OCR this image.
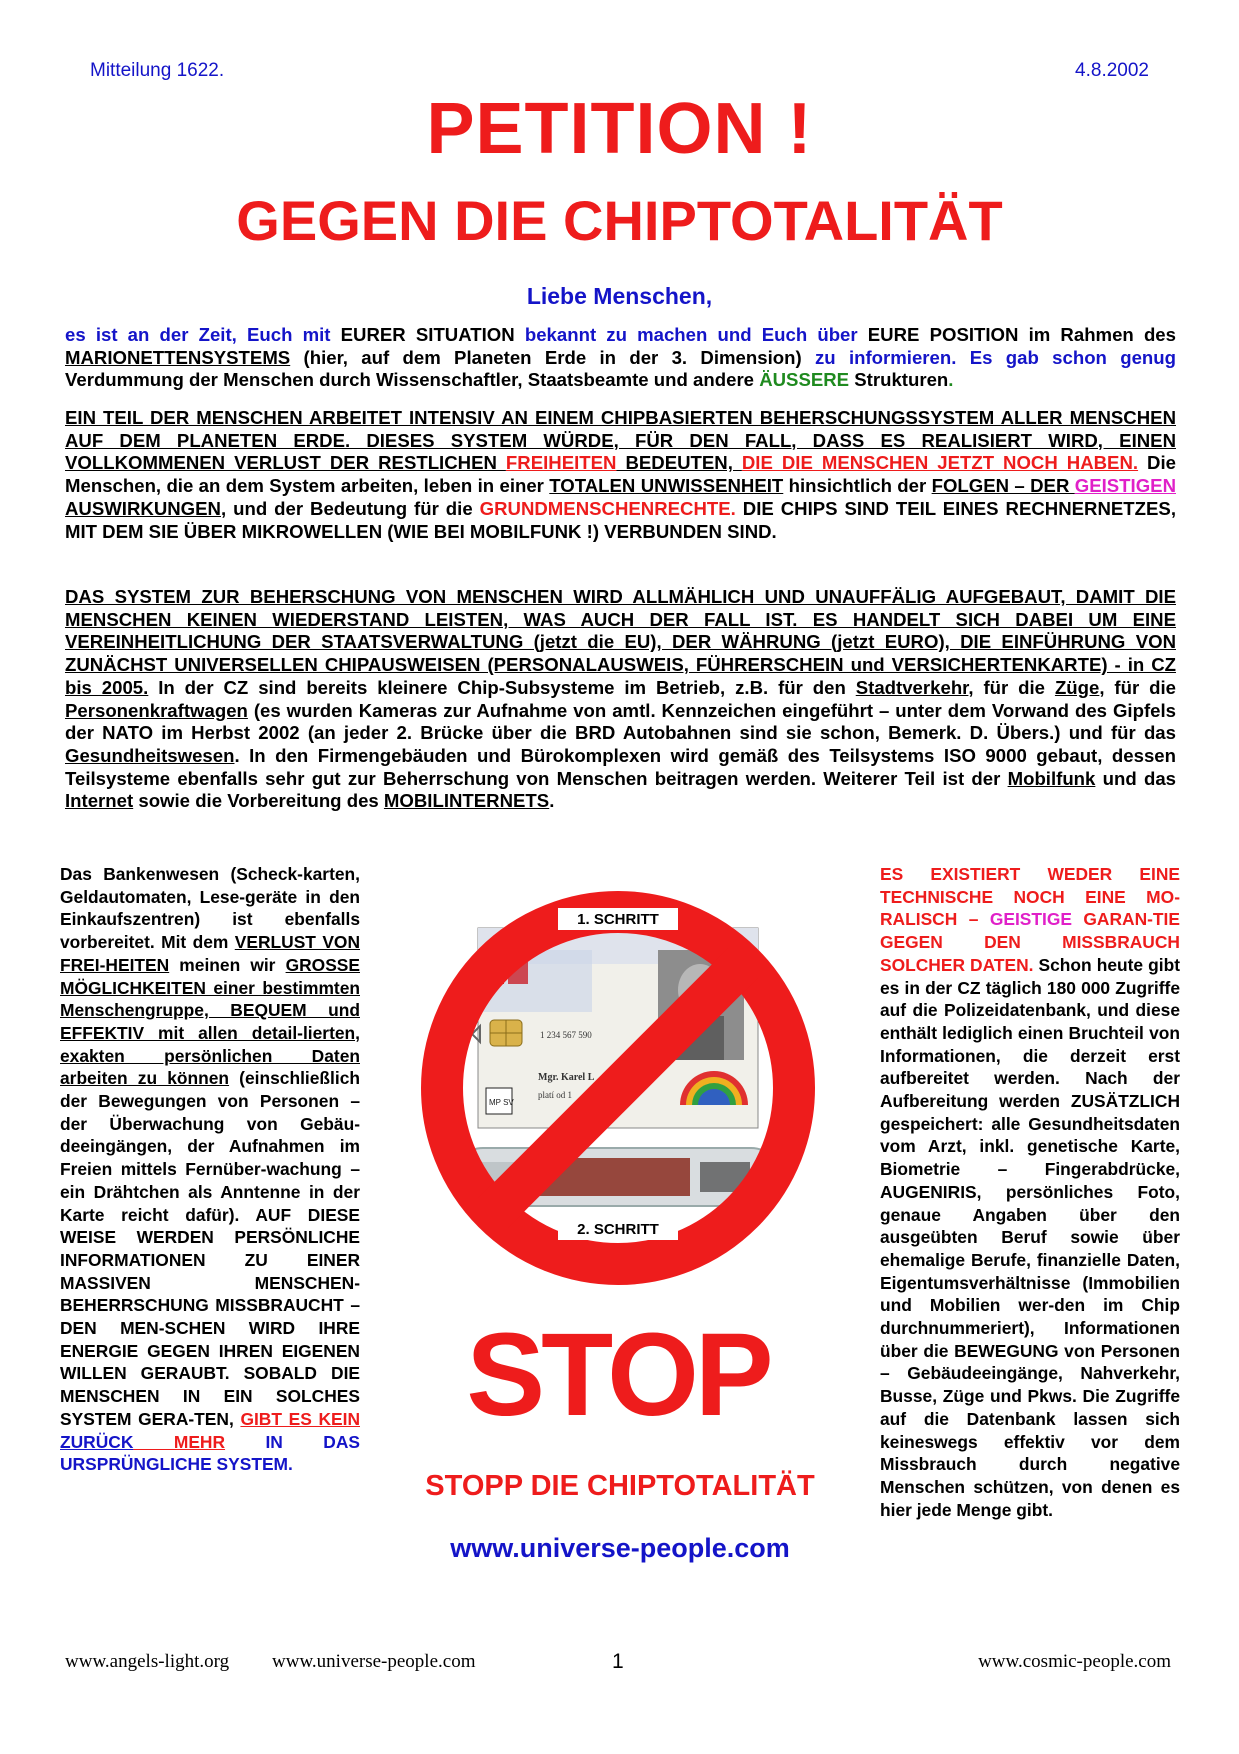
Mitteilung 1622.	4.8.2002
PETITION !
GEGEN DIE CHIPTOTALITÄT
Liebe Menschen,
es ist an der Zeit, Euch mit EURER SITUATION bekannt zu machen und Euch über EURE POSITION im Rahmen des MARIONETTENSYSTEMS (hier, auf dem Planeten Erde in der 3. Dimension) zu informieren. Es gab schon genug Verdummung der Menschen durch Wissenschaftler, Staatsbeamte und andere ÄUSSERE Strukturen.
EIN TEIL DER MENSCHEN ARBEITET INTENSIV AN EINEM CHIPBASIERTEN BEHERSCHUNGSSYSTEM ALLER MENSCHEN AUF DEM PLANETEN ERDE. DIESES SYSTEM WÜRDE, FÜR DEN FALL, DASS ES REALISIERT WIRD, EINEN VOLLKOMMENEN VERLUST DER RESTLICHEN FREIHEITEN BEDEUTEN, DIE DIE MENSCHEN JETZT NOCH HABEN. Die Menschen, die an dem System arbeiten, leben in einer TOTALEN UNWISSENHEIT hinsichtlich der FOLGEN – DER GEISTIGEN AUSWIRKUNGEN, und der Bedeutung für die GRUNDMENSCHENRECHTE. DIE CHIPS SIND TEIL EINES RECHNERNETZES, MIT DEM SIE ÜBER MIKROWELLEN (WIE BEI MOBILFUNK !) VERBUNDEN SIND.
DAS SYSTEM ZUR BEHERSCHUNG VON MENSCHEN WIRD ALLMÄHLICH UND UNAUFFÄLIG AUFGEBAUT, DAMIT DIE MENSCHEN KEINEN WIEDERSTAND LEISTEN, WAS AUCH DER FALL IST. ES HANDELT SICH DABEI UM EINE VEREINHEITLICHUNG DER STAATSVERWALTUNG (jetzt die EU), DER WÄHRUNG (jetzt EURO), DIE EINFÜHRUNG VON ZUNÄCHST UNIVERSELLEN CHIPAUSWEISEN (PERSONALAUSWEIS, FÜHRERSCHEIN und VERSICHERTENKARTE) - in CZ bis 2005. In der CZ sind bereits kleinere Chip-Subsysteme im Betrieb, z.B. für den Stadtverkehr, für die Züge, für die Personenkraftwagen (es wurden Kameras zur Aufnahme von amtl. Kennzeichen eingeführt – unter dem Vorwand des Gipfels der NATO im Herbst 2002 (an jeder 2. Brücke über die BRD Autobahnen sind sie schon, Bemerk. D. Übers.) und für das Gesundheitswesen. In den Firmengebäuden und Bürokomplexen wird gemäß des Teilsystems ISO 9000 gebaut, dessen Teilsysteme ebenfalls sehr gut zur Beherrschung von Menschen beitragen werden. Weiterer Teil ist der Mobilfunk und das Internet sowie die Vorbereitung des MOBILINTERNETS.
Das Bankenwesen (Scheck-karten, Geldautomaten, Lese-geräte in den Einkaufszentren) ist ebenfalls vorbereitet. Mit dem VERLUST VON FREI-HEITEN meinen wir GROSSE MÖGLICHKEITEN einer bestimmten Menschengruppe, BEQUEM und EFFEKTIV mit allen detail-lierten, exakten persönlichen Daten arbeiten zu können (einschließlich der Bewegungen von Personen – der Überwachung von Gebäu-deeingängen, der Aufnahmen im Freien mittels Fernüber-wachung – ein Drähtchen als Anntenne in der Karte reicht dafür). AUF DIESE WEISE WERDEN PERSÖNLICHE INFORMATIONEN ZU EINER MASSIVEN MENSCHEN-BEHERRSCHUNG MISSBRAUCHT – DEN MEN-SCHEN WIRD IHRE ENERGIE GEGEN IHREN EIGENEN WILLEN GERAUBT. SOBALD DIE MENSCHEN IN EIN SOLCHES SYSTEM GERA-TEN, GIBT ES KEIN ZURÜCK MEHR IN DAS URSPRÜNGLICHE SYSTEM.
ES EXISTIERT WEDER EINE TECHNISCHE NOCH EINE MO-RALISCH – GEISTIGE GARAN-TIE GEGEN DEN MISSBRAUCH SOLCHER DATEN. Schon heute gibt es in der CZ täglich 180 000 Zugriffe auf die Polizeidatenbank, und diese enthält lediglich einen Bruchteil von Informationen, die derzeit erst aufbereitet werden. Nach der Aufbereitung werden ZUSÄTZLICH gespeichert: alle Gesundheitsdaten vom Arzt, inkl. genetische Karte, Biometrie – Fingerabdrücke, AUGENIRIS, persönliches Foto, genaue Angaben über den ausgeübten Beruf sowie über ehemalige Berufe, finanzielle Daten, Eigentumsverhältnisse (Immobilien und Mobilien wer-den im Chip durchnummeriert), Informationen über die BEWEGUNG von Personen – Gebäudeeingänge, Nahverkehr, Busse, Züge und Pkws. Die Zugriffe auf die Datenbank lassen sich keineswegs effektiv vor dem Missbrauch durch negative Menschen schützen, von denen es hier jede Menge gibt.
1 234 567 590
Mgr. Karel L
platí od 1
MP SV
1. SCHRITT
2. SCHRITT
STOP
STOPP DIE CHIPTOTALITÄT
www.universe-people.com
www.angels-light.org www.universe-people.com	1	www.cosmic-people.com
